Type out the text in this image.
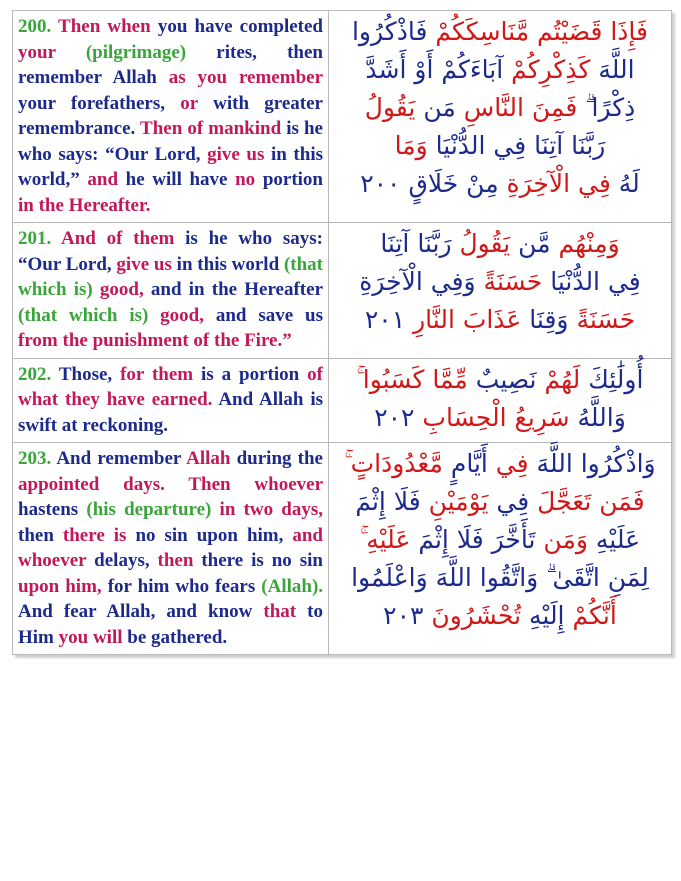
200. Then when you have completed your (pilgrimage) rites, then remember Allah as you remember your forefathers, or with greater remembrance. Then of mankind is he who says: “Our Lord, give us in this world,” and he will have no portion in the Hereafter.
فَإِذَا قَضَيْتُم مَّنَاسِكَكُمْ فَاذْكُرُوا
اللَّهَ كَذِكْرِكُمْ آبَاءَكُمْ أَوْ أَشَدَّ
ذِكْرًا ۗ فَمِنَ النَّاسِ مَن يَقُولُ
رَبَّنَا آتِنَا فِي الدُّنْيَا وَمَا
لَهُ فِي الْآخِرَةِ مِنْ خَلَاقٍ ٢٠٠
201. And of them is he who says: “Our Lord, give us in this world (that which is) good, and in the Hereafter (that which is) good, and save us from the punishment of the Fire.”
وَمِنْهُم مَّن يَقُولُ رَبَّنَا آتِنَا
فِي الدُّنْيَا حَسَنَةً وَفِي الْآخِرَةِ
حَسَنَةً وَقِنَا عَذَابَ النَّارِ ٢٠١
202. Those, for them is a portion of what they have earned. And Allah is swift at reckoning.
أُولَٰئِكَ لَهُمْ نَصِيبٌ مِّمَّا كَسَبُوا ۚ
وَاللَّهُ سَرِيعُ الْحِسَابِ ٢٠٢
203. And remember Allah during the appointed days. Then whoever hastens (his departure) in two days, then there is no sin upon him, and whoever delays, then there is no sin upon him, for him who fears (Allah). And fear Allah, and know that to Him you will be gathered.
وَاذْكُرُوا اللَّهَ فِي أَيَّامٍ مَّعْدُودَاتٍ ۚ
فَمَن تَعَجَّلَ فِي يَوْمَيْنِ فَلَا إِثْمَ
عَلَيْهِ وَمَن تَأَخَّرَ فَلَا إِثْمَ عَلَيْهِ ۚ
لِمَنِ اتَّقَىٰ ۗ وَاتَّقُوا اللَّهَ وَاعْلَمُوا
أَنَّكُمْ إِلَيْهِ تُحْشَرُونَ ٢٠٣
